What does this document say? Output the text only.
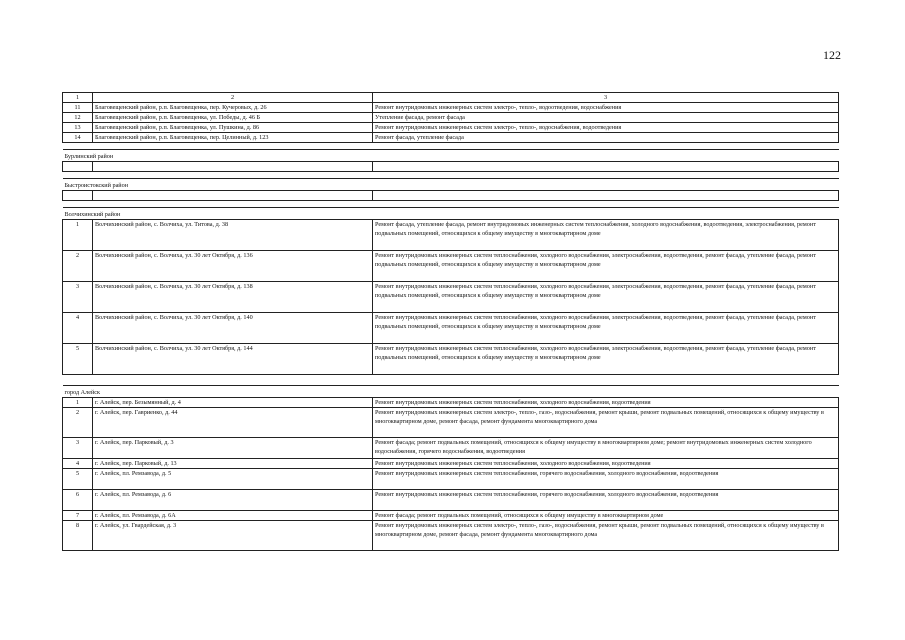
122
1	2	3
11	Благовещенский район, р.п. Благовещенка, пер. Кучеровых, д. 26	Ремонт внутридомовых инженерных систем электро-, тепло-, водоотведения, водоснабжения
12	Благовещенский район, р.п. Благовещенка, ул. Победы, д. 46 Б	Утепление фасада, ремонт фасада
13	Благовещенский район, р.п. Благовещенка, ул. Пушкина, д. 86	Ремонт внутридомовых инженерных систем электро-, тепло-, водоснабжения, водоотведения
14	Благовещенский район, р.п. Благовещенка, пер. Целинный, д. 123	Ремонт фасада, утепление фасада

Бурлинский район		

Быстроистокский район		

Волчихинский район		
1	Волчихинский район, с. Волчиха, ул. Титова, д. 38	Ремонт фасада, утепление фасада, ремонт внутридомовых инженерных систем теплоснабжения, холодного водоснабжения, водоотведения, электроснабжения, ремонт подвальных помещений, относящихся к общему имуществу в многоквартирном доме
2	Волчихинский район, с. Волчиха, ул. 30 лет Октября, д. 136	Ремонт внутридомовых инженерных систем теплоснабжения, холодного водоснабжения, электроснабжения, водоотведения, ремонт фасада, утепление фасада, ремонт подвальных помещений, относящихся к общему имуществу в многоквартирном доме
3	Волчихинский район, с. Волчиха, ул. 30 лет Октября, д. 138	Ремонт внутридомовых инженерных систем теплоснабжения, холодного водоснабжения, электроснабжения, водоотведения, ремонт фасада, утепление фасада, ремонт подвальных помещений, относящихся к общему имуществу в многоквартирном доме
4	Волчихинский район, с. Волчиха, ул. 30 лет Октября, д. 140	Ремонт внутридомовых инженерных систем теплоснабжения, холодного водоснабжения, электроснабжения, водоотведения, ремонт фасада, утепление фасада, ремонт подвальных помещений, относящихся к общему имуществу в многоквартирном доме
5	Волчихинский район, с. Волчиха, ул. 30 лет Октября, д. 144	Ремонт внутридомовых инженерных систем теплоснабжения, холодного водоснабжения, электроснабжения, водоотведения, ремонт фасада, утепление фасада, ремонт подвальных помещений, относящихся к общему имуществу в многоквартирном доме

город Алейск		
1	г. Алейск, пер. Безымянный, д. 4	Ремонт внутридомовых инженерных систем теплоснабжения, холодного водоснабжения, водоотведения
2	г. Алейск, пер. Гавриенко, д. 44	Ремонт внутридомовых инженерных систем электро-, тепло-, газо-, водоснабжения, ремонт крыши, ремонт подвальных помещений, относящихся к общему имуществу в многоквартирном доме, ремонт фасада, ремонт фундамента многоквартирного дома
3	г. Алейск, пер. Парковый, д. 3	Ремонт фасада; ремонт подвальных помещений, относящихся к общему имуществу в многоквартирном доме; ремонт внутридомовых инженерных систем холодного водоснабжения, горячего водоснабжения, водоотведения
4	г. Алейск, пер. Парковый, д. 13	Ремонт внутридомовых инженерных систем теплоснабжения, холодного водоснабжения, водоотведения
5	г. Алейск, пл. Ремзавода, д. 5	Ремонт внутридомовых инженерных систем теплоснабжения, горячего водоснабжения, холодного водоснабжения, водоотведения
6	г. Алейск, пл. Ремзавода, д. 6	Ремонт внутридомовых инженерных систем теплоснабжения, горячего водоснабжения, холодного водоснабжения, водоотведения
7	г. Алейск, пл. Ремзавода, д. 6А	Ремонт фасада; ремонт подвальных помещений, относящихся к общему имуществу в многоквартирном доме
8	г. Алейск, ул. Гвардейская, д. 3	Ремонт внутридомовых инженерных систем электро-, тепло-, газо-, водоснабжения, ремонт крыши, ремонт подвальных помещений, относящихся к общему имуществу в многоквартирном доме, ремонт фасада, ремонт фундамента многоквартирного дома
